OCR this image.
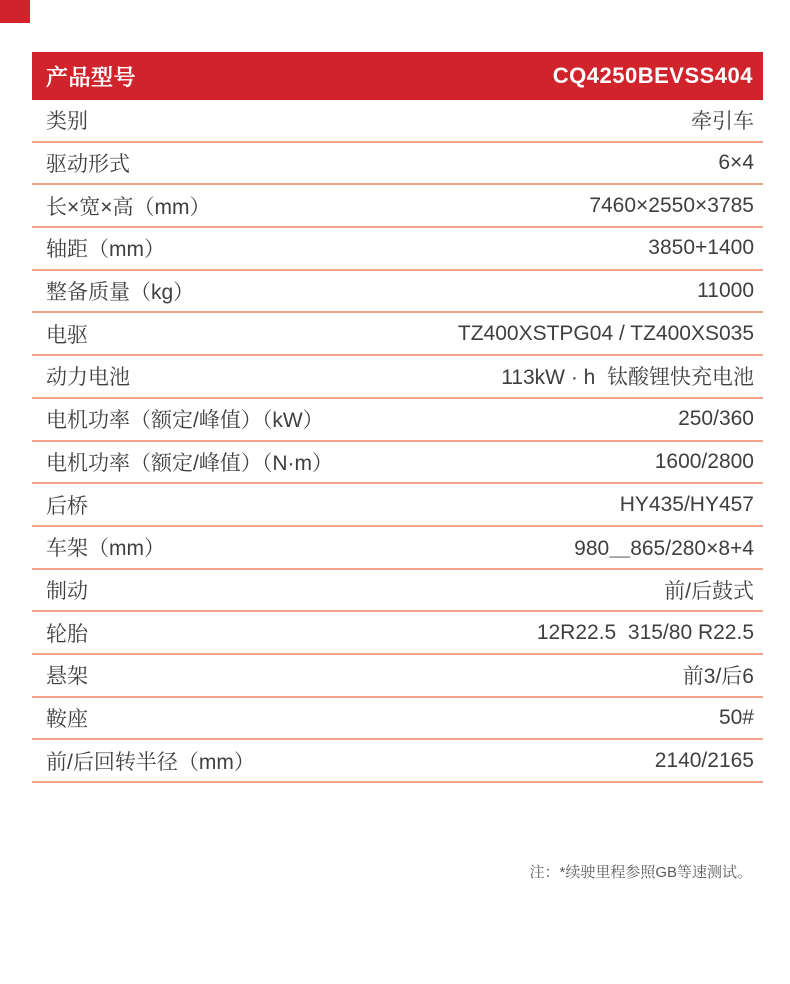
产品型号	CQ4250BEVSS404
类别	牵引车
驱动形式	6×4
长×宽×高（mm）	7460×2550×3785
轴距（mm）	3850+1400
整备质量（kg）	11000
电驱	TZ400XSTPG04 / TZ400XS035
动力电池	113kW · h  钛酸锂快充电池
电机功率（额定/峰值）（kW）	250/360
电机功率（额定/峰值）（N·m）	1600/2800
后桥	HY435/HY457
车架（mm）	980＿865/280×8+4
制动	前/后鼓式
轮胎	12R22.5  315/80 R22.5
悬架	前3/后6
鞍座	50#
前/后回转半径（mm）	2140/2165
注：*续驶里程参照GB等速测试。
